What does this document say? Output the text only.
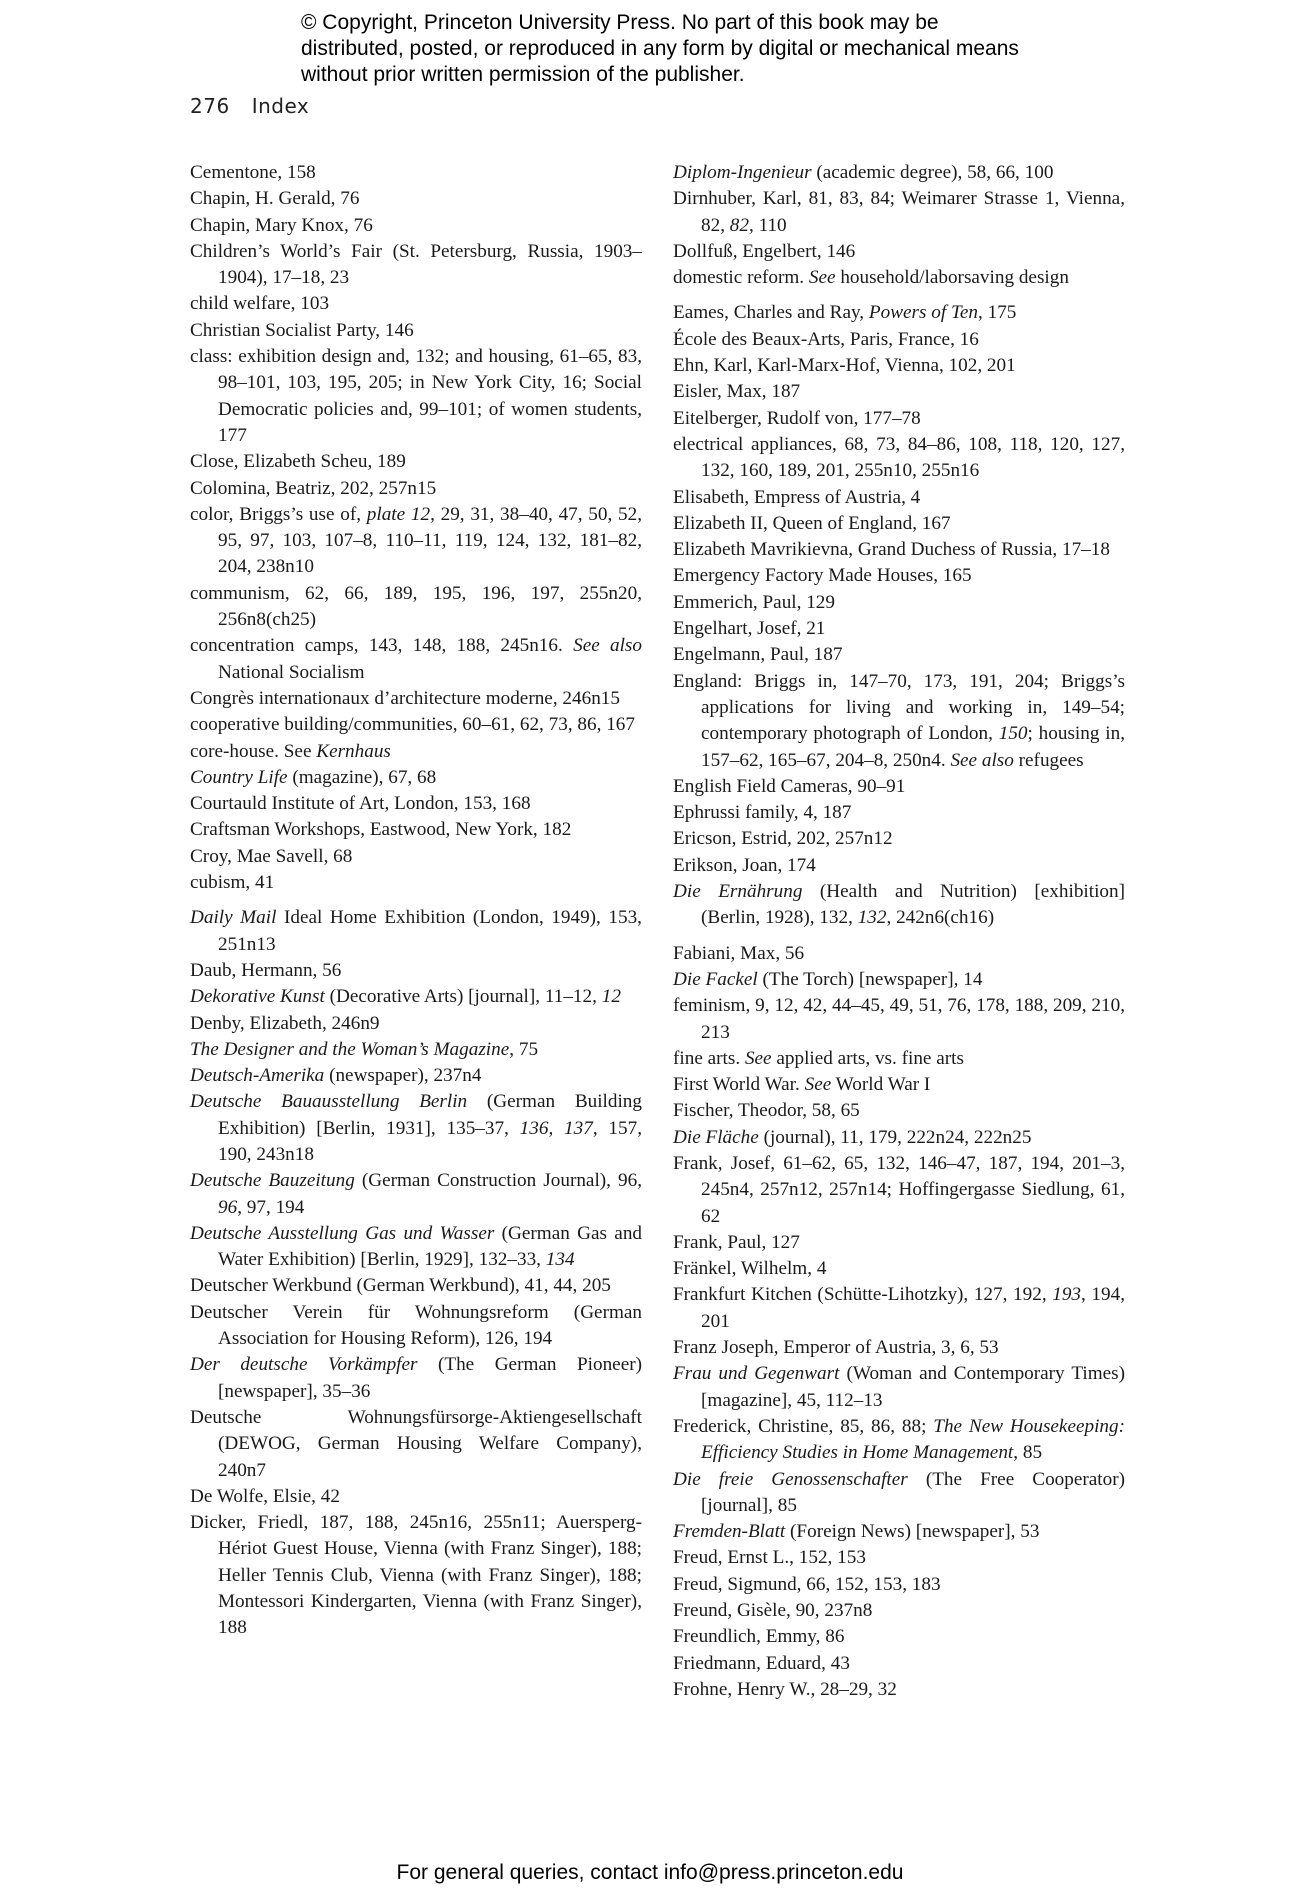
© Copyright, Princeton University Press. No part of this book may be distributed, posted, or reproduced in any form by digital or mechanical means without prior written permission of the publisher.
276 Index
Cementone, 158
Chapin, H. Gerald, 76
Chapin, Mary Knox, 76
Children’s World’s Fair (St. Petersburg, Russia, 1903–1904), 17–18, 23
child welfare, 103
Christian Socialist Party, 146
class: exhibition design and, 132; and housing, 61–65, 83, 98–101, 103, 195, 205; in New York City, 16; Social Democratic policies and, 99–101; of women students, 177
Close, Elizabeth Scheu, 189
Colomina, Beatriz, 202, 257n15
color, Briggs’s use of, plate 12, 29, 31, 38–40, 47, 50, 52, 95, 97, 103, 107–8, 110–11, 119, 124, 132, 181–82, 204, 238n10
communism, 62, 66, 189, 195, 196, 197, 255n20, 256n8(ch25)
concentration camps, 143, 148, 188, 245n16. See also National Socialism
Congrès internationaux d’architecture moderne, 246n15
cooperative building/communities, 60–61, 62, 73, 86, 167
core-house. See Kernhaus
Country Life (magazine), 67, 68
Courtauld Institute of Art, London, 153, 168
Craftsman Workshops, Eastwood, New York, 182
Croy, Mae Savell, 68
cubism, 41
Daily Mail Ideal Home Exhibition (London, 1949), 153, 251n13
Daub, Hermann, 56
Dekorative Kunst (Decorative Arts) [journal], 11–12, 12
Denby, Elizabeth, 246n9
The Designer and the Woman’s Magazine, 75
Deutsch-Amerika (newspaper), 237n4
Deutsche Bauausstellung Berlin (German Building Exhibition) [Berlin, 1931], 135–37, 136, 137, 157, 190, 243n18
Deutsche Bauzeitung (German Construction Journal), 96, 96, 97, 194
Deutsche Ausstellung Gas und Wasser (German Gas and Water Exhibition) [Berlin, 1929], 132–33, 134
Deutscher Werkbund (German Werkbund), 41, 44, 205
Deutscher Verein für Wohnungsreform (German Association for Housing Reform), 126, 194
Der deutsche Vorkämpfer (The German Pioneer) [newspaper], 35–36
Deutsche Wohnungsfürsorge-Aktiengesellschaft (DEWOG, German Housing Welfare Company), 240n7
De Wolfe, Elsie, 42
Dicker, Friedl, 187, 188, 245n16, 255n11; Auersperg-Hériot Guest House, Vienna (with Franz Singer), 188; Heller Tennis Club, Vienna (with Franz Singer), 188; Montessori Kindergarten, Vienna (with Franz Singer), 188
Diplom-Ingenieur (academic degree), 58, 66, 100
Dirnhuber, Karl, 81, 83, 84; Weimarer Strasse 1, Vienna, 82, 82, 110
Dollfuß, Engelbert, 146
domestic reform. See household/laborsaving design
Eames, Charles and Ray, Powers of Ten, 175
École des Beaux-Arts, Paris, France, 16
Ehn, Karl, Karl-Marx-Hof, Vienna, 102, 201
Eisler, Max, 187
Eitelberger, Rudolf von, 177–78
electrical appliances, 68, 73, 84–86, 108, 118, 120, 127, 132, 160, 189, 201, 255n10, 255n16
Elisabeth, Empress of Austria, 4
Elizabeth II, Queen of England, 167
Elizabeth Mavrikievna, Grand Duchess of Russia, 17–18
Emergency Factory Made Houses, 165
Emmerich, Paul, 129
Engelhart, Josef, 21
Engelmann, Paul, 187
England: Briggs in, 147–70, 173, 191, 204; Briggs’s applications for living and working in, 149–54; contemporary photograph of London, 150; housing in, 157–62, 165–67, 204–8, 250n4. See also refugees
English Field Cameras, 90–91
Ephrussi family, 4, 187
Ericson, Estrid, 202, 257n12
Erikson, Joan, 174
Die Ernährung (Health and Nutrition) [exhibition] (Berlin, 1928), 132, 132, 242n6(ch16)
Fabiani, Max, 56
Die Fackel (The Torch) [newspaper], 14
feminism, 9, 12, 42, 44–45, 49, 51, 76, 178, 188, 209, 210, 213
fine arts. See applied arts, vs. fine arts
First World War. See World War I
Fischer, Theodor, 58, 65
Die Fläche (journal), 11, 179, 222n24, 222n25
Frank, Josef, 61–62, 65, 132, 146–47, 187, 194, 201–3, 245n4, 257n12, 257n14; Hoffingergasse Siedlung, 61, 62
Frank, Paul, 127
Fränkel, Wilhelm, 4
Frankfurt Kitchen (Schütte-Lihotzky), 127, 192, 193, 194, 201
Franz Joseph, Emperor of Austria, 3, 6, 53
Frau und Gegenwart (Woman and Contemporary Times) [magazine], 45, 112–13
Frederick, Christine, 85, 86, 88; The New Housekeeping: Efficiency Studies in Home Management, 85
Die freie Genossenschafter (The Free Cooperator) [journal], 85
Fremden-Blatt (Foreign News) [newspaper], 53
Freud, Ernst L., 152, 153
Freud, Sigmund, 66, 152, 153, 183
Freund, Gisèle, 90, 237n8
Freundlich, Emmy, 86
Friedmann, Eduard, 43
Frohne, Henry W., 28–29, 32
For general queries, contact info@press.princeton.edu
